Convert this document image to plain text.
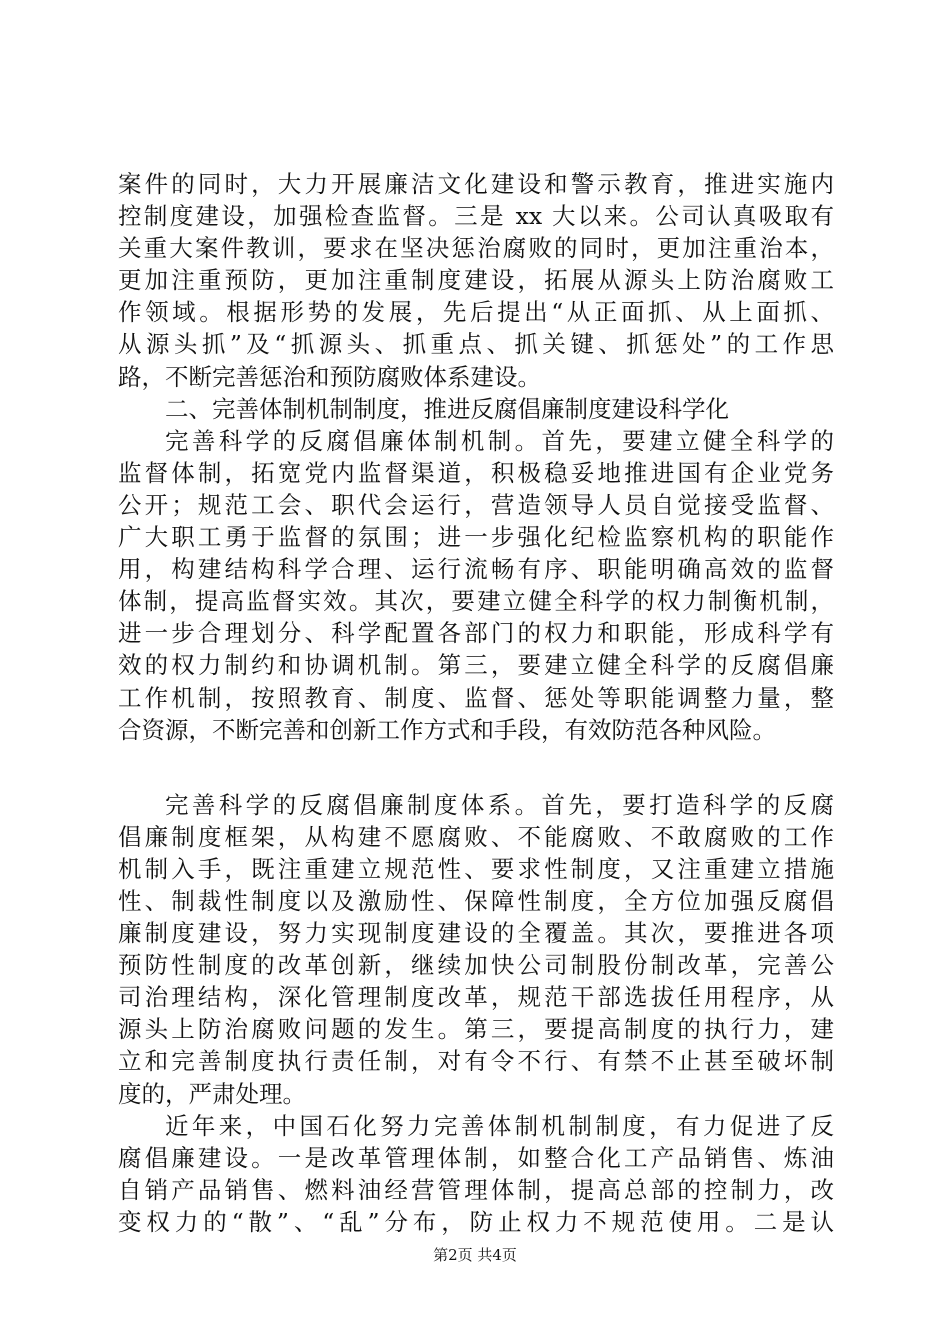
案件的同时，大力开展廉洁文化建设和警示教育，推进实施内
控制度建设，加强检查监督。三是 xx 大以来。公司认真吸取有
关重大案件教训，要求在坚决惩治腐败的同时，更加注重治本，
更加注重预防，更加注重制度建设，拓展从源头上防治腐败工
作领域。根据形势的发展，先后提出“从正面抓、从上面抓、
从源头抓”及“抓源头、抓重点、抓关键、抓惩处”的工作思
路，不断完善惩治和预防腐败体系建设。
二、完善体制机制制度，推进反腐倡廉制度建设科学化
完善科学的反腐倡廉体制机制。首先，要建立健全科学的
监督体制，拓宽党内监督渠道，积极稳妥地推进国有企业党务
公开；规范工会、职代会运行，营造领导人员自觉接受监督、
广大职工勇于监督的氛围；进一步强化纪检监察机构的职能作
用，构建结构科学合理、运行流畅有序、职能明确高效的监督
体制，提高监督实效。其次，要建立健全科学的权力制衡机制，
进一步合理划分、科学配置各部门的权力和职能，形成科学有
效的权力制约和协调机制。第三，要建立健全科学的反腐倡廉
工作机制，按照教育、制度、监督、惩处等职能调整力量，整
合资源，不断完善和创新工作方式和手段，有效防范各种风险。
完善科学的反腐倡廉制度体系。首先，要打造科学的反腐
倡廉制度框架，从构建不愿腐败、不能腐败、不敢腐败的工作
机制入手，既注重建立规范性、要求性制度，又注重建立措施
性、制裁性制度以及激励性、保障性制度，全方位加强反腐倡
廉制度建设，努力实现制度建设的全覆盖。其次，要推进各项
预防性制度的改革创新，继续加快公司制股份制改革，完善公
司治理结构，深化管理制度改革，规范干部选拔任用程序，从
源头上防治腐败问题的发生。第三，要提高制度的执行力，建
立和完善制度执行责任制，对有令不行、有禁不止甚至破坏制
度的，严肃处理。
近年来，中国石化努力完善体制机制制度，有力促进了反
腐倡廉建设。一是改革管理体制，如整合化工产品销售、炼油
自销产品销售、燃料油经营管理体制，提高总部的控制力，改
变权力的“散”、“乱”分布，防止权力不规范使用。二是认
第2页 共4页
